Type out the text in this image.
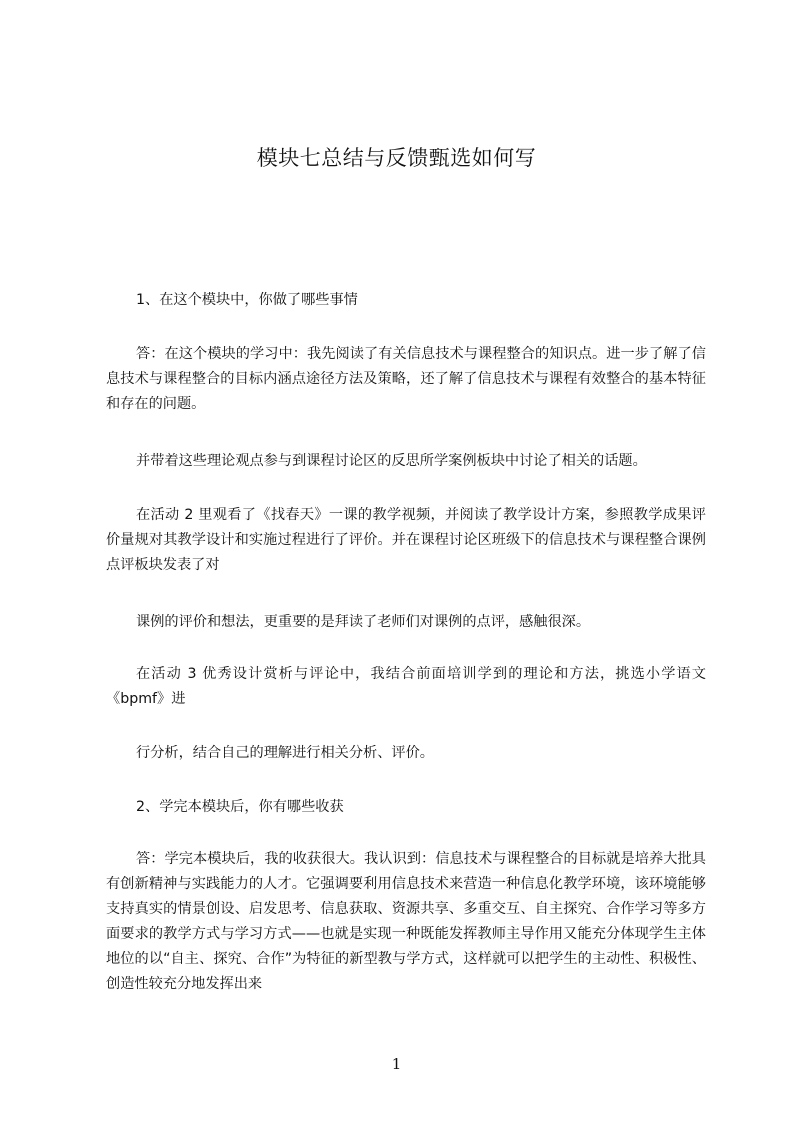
模块七总结与反馈甄选如何写

1、在这个模块中，你做了哪些事情

答：在这个模块的学习中：我先阅读了有关信息技术与课程整合的知识点。进一步了解了信息技术与课程整合的目标内涵点途径方法及策略，还了解了信息技术与课程有效整合的基本特征和存在的问题。

并带着这些理论观点参与到课程讨论区的反思所学案例板块中讨论了相关的话题。

在活动 2 里观看了《找春天》一课的教学视频，并阅读了教学设计方案，参照教学成果评价量规对其教学设计和实施过程进行了评价。并在课程讨论区班级下的信息技术与课程整合课例点评板块发表了对

课例的评价和想法，更重要的是拜读了老师们对课例的点评，感触很深。

在活动 3 优秀设计赏析与评论中，我结合前面培训学到的理论和方法，挑选小学语文《bpmf》进

行分析，结合自己的理解进行相关分析、评价。

2、学完本模块后，你有哪些收获

答：学完本模块后，我的收获很大。我认识到：信息技术与课程整合的目标就是培养大批具有创新精神与实践能力的人才。它强调要利用信息技术来营造一种信息化教学环境，该环境能够支持真实的情景创设、启发思考、信息获取、资源共享、多重交互、自主探究、合作学习等多方面要求的教学方式与学习方式——也就是实现一种既能发挥教师主导作用又能充分体现学生主体地位的以“自主、探究、合作”为特征的新型教与学方式，这样就可以把学生的主动性、积极性、创造性较充分地发挥出来

1
